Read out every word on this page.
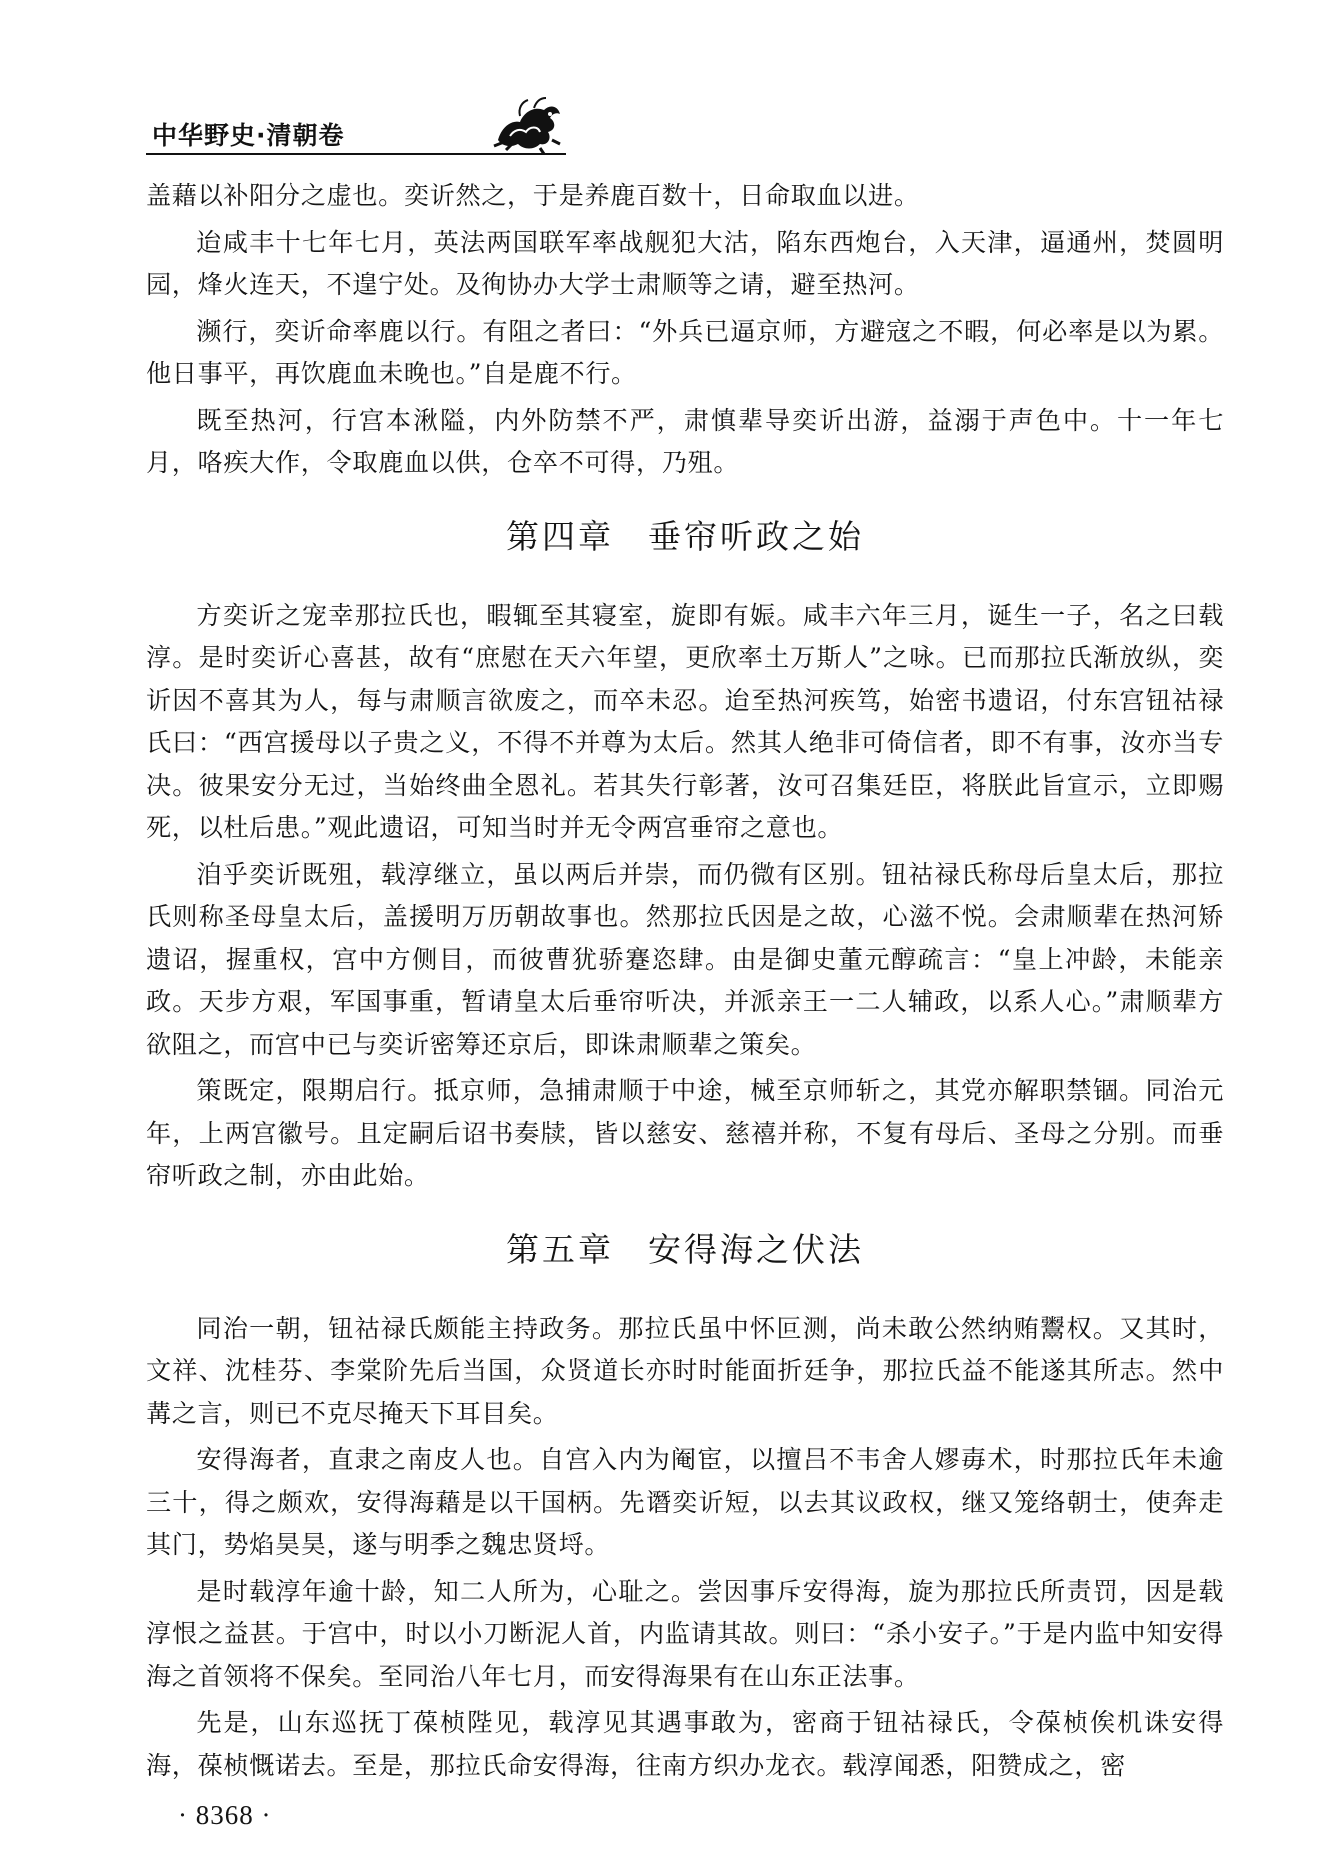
中华野史·清朝卷

盖藉以补阳分之虚也。奕䜣然之，于是养鹿百数十，日命取血以进。

迨咸丰十七年七月，英法两国联军率战舰犯大沽，陷东西炮台，入天津，逼通州，焚圆明园，烽火连天，不遑宁处。及徇协办大学士肃顺等之请，避至热河。

濒行，奕䜣命率鹿以行。有阻之者曰：“外兵已逼京师，方避寇之不暇，何必率是以为累。他日事平，再饮鹿血未晚也。”自是鹿不行。

既至热河，行宫本湫隘，内外防禁不严，肃慎辈导奕䜣出游，益溺于声色中。十一年七月，咯疾大作，令取鹿血以供，仓卒不可得，乃殂。

第四章 垂帘听政之始

方奕䜣之宠幸那拉氏也，暇辄至其寝室，旋即有娠。咸丰六年三月，诞生一子，名之曰载淳。是时奕䜣心喜甚，故有“庶慰在天六年望，更欣率土万斯人”之咏。已而那拉氏渐放纵，奕䜣因不喜其为人，每与肃顺言欲废之，而卒未忍。迨至热河疾笃，始密书遗诏，付东宫钮祜禄氏曰：“西宫援母以子贵之义，不得不并尊为太后。然其人绝非可倚信者，即不有事，汝亦当专决。彼果安分无过，当始终曲全恩礼。若其失行彰著，汝可召集廷臣，将朕此旨宣示，立即赐死，以杜后患。”观此遗诏，可知当时并无令两宫垂帘之意也。

洎乎奕䜣既殂，载淳继立，虽以两后并崇，而仍微有区别。钮祜禄氏称母后皇太后，那拉氏则称圣母皇太后，盖援明万历朝故事也。然那拉氏因是之故，心滋不悦。会肃顺辈在热河矫遗诏，握重权，宫中方侧目，而彼曹犹骄蹇恣肆。由是御史董元醇疏言：“皇上冲龄，未能亲政。天步方艰，军国事重，暂请皇太后垂帘听决，并派亲王一二人辅政，以系人心。”肃顺辈方欲阻之，而宫中已与奕䜣密筹还京后，即诛肃顺辈之策矣。

策既定，限期启行。抵京师，急捕肃顺于中途，械至京师斩之，其党亦解职禁锢。同治元年，上两宫徽号。且定嗣后诏书奏牍，皆以慈安、慈禧并称，不复有母后、圣母之分别。而垂帘听政之制，亦由此始。

第五章 安得海之伏法

同治一朝，钮祜禄氏颇能主持政务。那拉氏虽中怀叵测，尚未敢公然纳贿鬻权。又其时，文祥、沈桂芬、李棠阶先后当国，众贤道长亦时时能面折廷争，那拉氏益不能遂其所志。然中冓之言，则已不克尽掩天下耳目矣。

安得海者，直隶之南皮人也。自宫入内为阉宦，以擅吕不韦舍人嫪毐术，时那拉氏年未逾三十，得之颇欢，安得海藉是以干国柄。先谮奕䜣短，以去其议政权，继又笼络朝士，使奔走其门，势焰昊昊，遂与明季之魏忠贤埒。

是时载淳年逾十龄，知二人所为，心耻之。尝因事斥安得海，旋为那拉氏所责罚，因是载淳恨之益甚。于宫中，时以小刀断泥人首，内监请其故。则曰：“杀小安子。”于是内监中知安得海之首领将不保矣。至同治八年七月，而安得海果有在山东正法事。

先是，山东巡抚丁葆桢陛见，载淳见其遇事敢为，密商于钮祜禄氏，令葆桢俟机诛安得海，葆桢慨诺去。至是，那拉氏命安得海，往南方织办龙衣。载淳闻悉，阳赞成之，密

· 8368 ·
